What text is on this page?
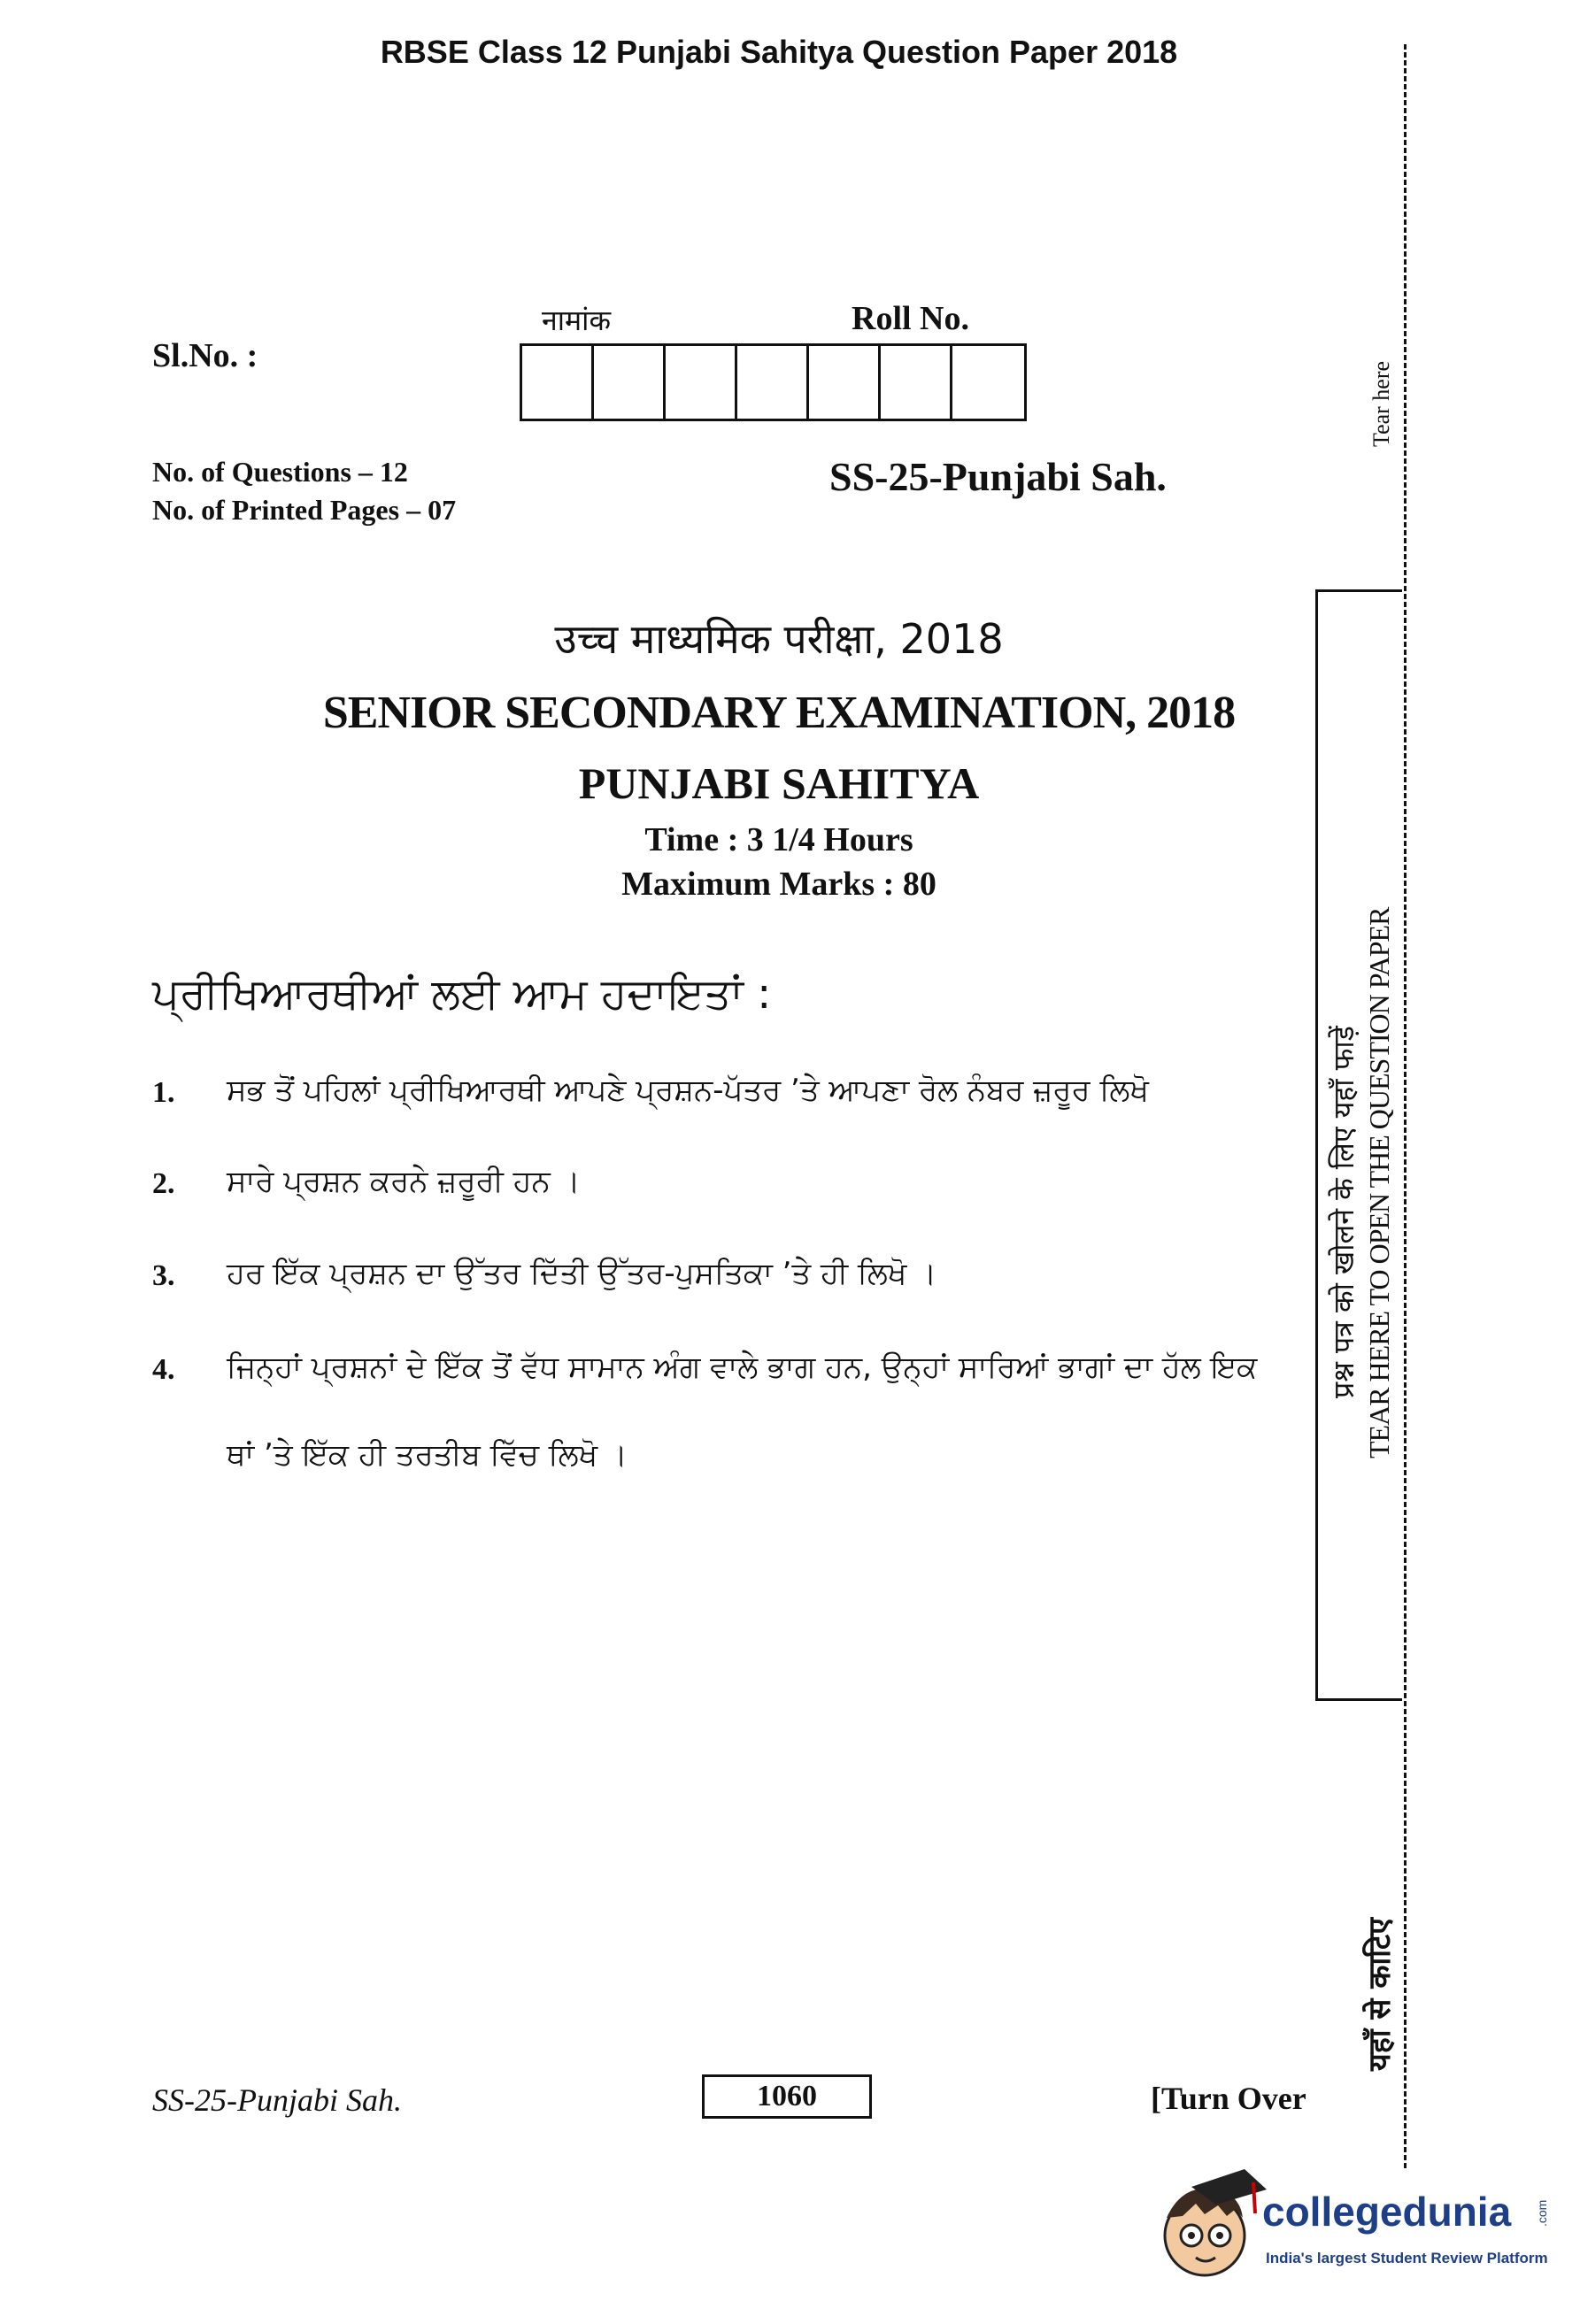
RBSE Class 12 Punjabi Sahitya Question Paper 2018
Sl.No. :
नामांक	Roll No.
No. of Questions – 12
No. of Printed Pages – 07
SS-25-Punjabi Sah.
उच्च माध्यमिक परीक्षा, 2018
SENIOR SECONDARY EXAMINATION, 2018
PUNJABI SAHITYA
Time : 3 1/4 Hours
Maximum Marks : 80
ਪ੍ਰੀਖਿਆਰਥੀਆਂ ਲਈ ਆਮ ਹਦਾਇਤਾਂ :
1. ਸਭ ਤੋਂ ਪਹਿਲਾਂ ਪ੍ਰੀਖਿਆਰਥੀ ਆਪਣੇ ਪ੍ਰਸ਼ਨ-ਪੱਤਰ ’ਤੇ ਆਪਣਾ ਰੋਲ ਨੰਬਰ ਜ਼ਰੂਰ ਲਿਖੋ
2. ਸਾਰੇ ਪ੍ਰਸ਼ਨ ਕਰਨੇ ਜ਼ਰੂਰੀ ਹਨ ।
3. ਹਰ ਇੱਕ ਪ੍ਰਸ਼ਨ ਦਾ ਉੱਤਰ ਦਿੱਤੀ ਉੱਤਰ-ਪੁਸਤਿਕਾ ’ਤੇ ਹੀ ਲਿਖੋ ।
4. ਜਿਨ੍ਹਾਂ ਪ੍ਰਸ਼ਨਾਂ ਦੇ ਇੱਕ ਤੋਂ ਵੱਧ ਸਾਮਾਨ ਅੰਗ ਵਾਲੇ ਭਾਗ ਹਨ, ਉਨ੍ਹਾਂ ਸਾਰਿਆਂ ਭਾਗਾਂ ਦਾ ਹੱਲ ਇਕ
ਥਾਂ ’ਤੇ ਇੱਕ ਹੀ ਤਰਤੀਬ ਵਿੱਚ ਲਿਖੋ ।
Tear here
प्रश्न पत्र को खोलने के लिए यहाँ फाड़ें TEAR HERE TO OPEN THE QUESTION PAPER
यहाँ से काटिए
SS-25-Punjabi Sah.	1060	[Turn Over
collegedunia .com
India's largest Student Review Platform
